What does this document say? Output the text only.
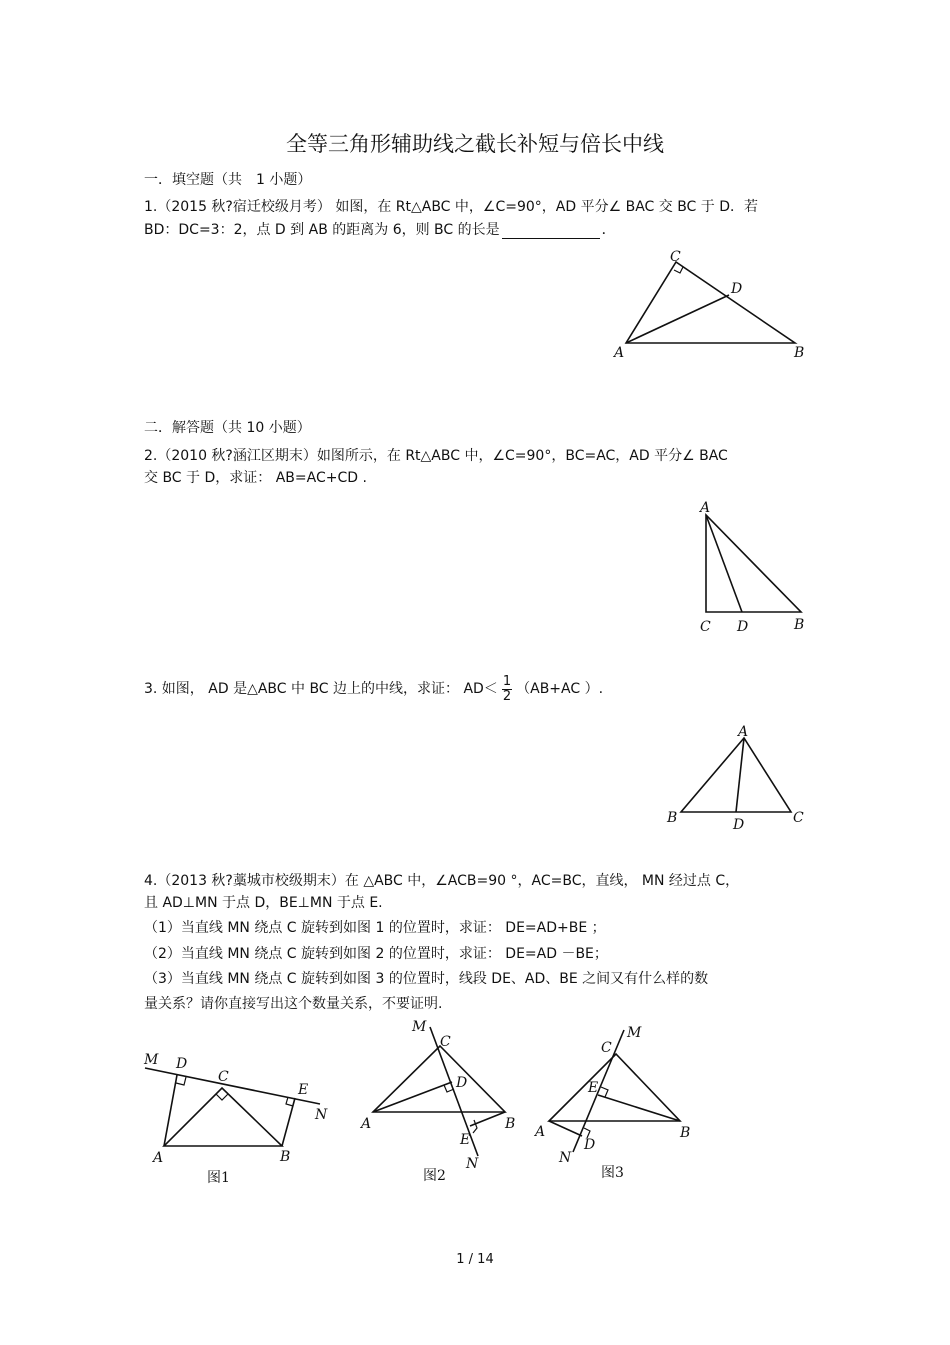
全等三角形辅助线之截长补短与倍长中线
一．填空题（共　1 小题）
1.（2015 秋?宿迁校级月考） 如图，在 Rt△ABC 中，∠C=90°，AD 平分∠ BAC 交 BC 于 D．若
BD：DC=3：2，点 D 到 AB 的距离为 6，则 BC 的长是	．
C
D
A	B
二．解答题（共 10 小题）
2.（2010 秋?涵江区期末）如图所示，在 Rt△ABC 中，∠C=90°，BC=AC，AD 平分∠ BAC
交 BC 于 D，求证： AB=AC+CD .
A
C D	B
3. 如图， AD 是△ABC 中 BC 边上的中线，求证： $AD< \frac{1}{2} (AB+AC$ ）.
A
B	D	C
4.（2013 秋?藁城市校级期末）在 △ABC 中，∠ACB=90 °，AC=BC，直线， MN 经过点 C，
且 AD⊥MN 于点 D，BE⊥MN 于点 E.
（1）当直线 MN 绕点 C 旋转到如图 1 的位置时，求证： DE=AD+BE ；
（2）当直线 MN 绕点 C 旋转到如图 2 的位置时，求证： DE=AD －BE；
（3）当直线 MN 绕点 C 旋转到如图 3 的位置时，线段 DE、AD、BE 之间又有什么样的数
量关系？请你直接写出这个数量关系，不要证明.
M D
C
E
N
A	B
图1
M
C
D
A	B
E
N
图2
C
M
E
A
D
N
B
图3
1 / 14
